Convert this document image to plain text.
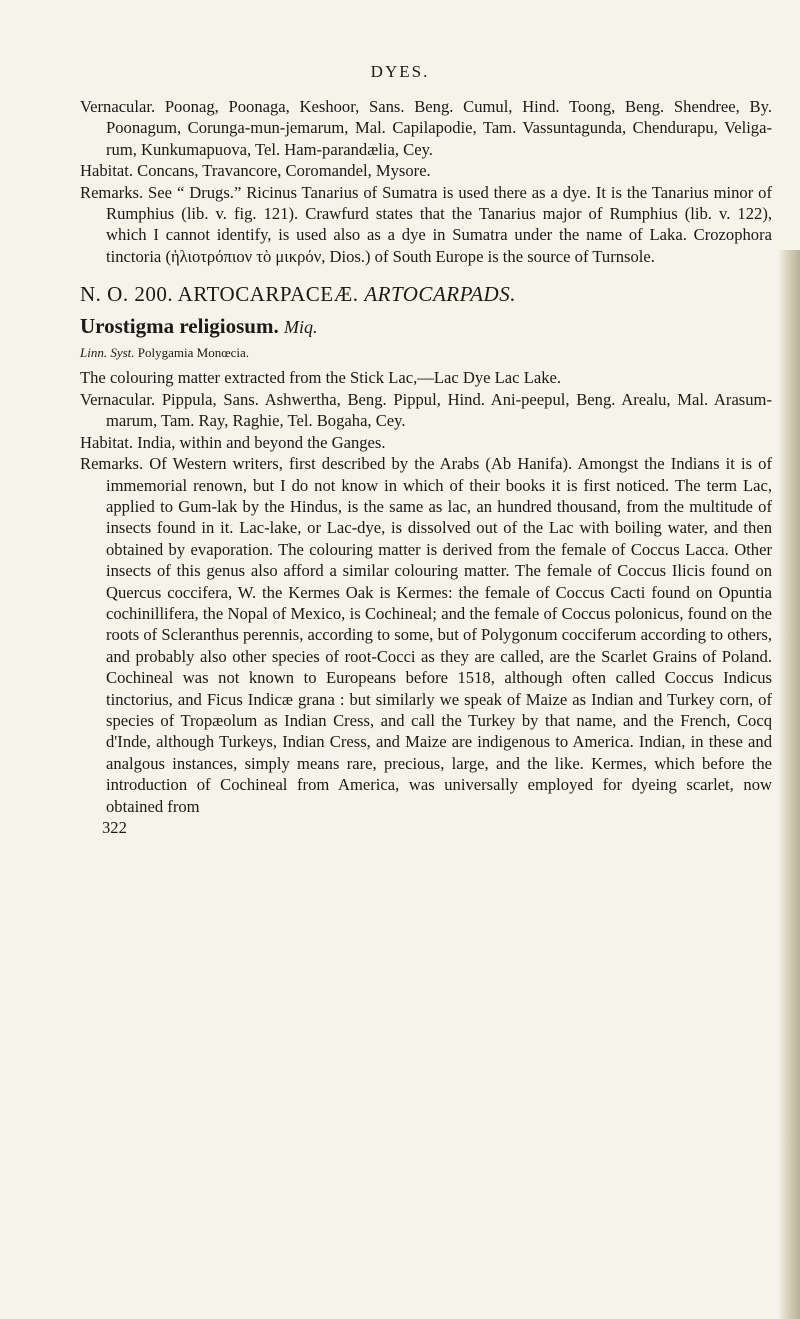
DYES.

Vernacular. Poonag, Poonaga, Keshoor, Sans. Beng. Cumul, Hind. Toong, Beng. Shendree, By. Poonagum, Corunga-mun-jemarum, Mal. Capilapodie, Tam. Vassuntagunda, Chendurapu, Veliga-rum, Kunkumapuova, Tel. Ham-parandælia, Cey.

Habitat. Concans, Travancore, Coromandel, Mysore.

Remarks. See “ Drugs.” Ricinus Tanarius of Sumatra is used there as a dye. It is the Tanarius minor of Rumphius (lib. v. fig. 121). Crawfurd states that the Tanarius major of Rumphius (lib. v. 122), which I cannot identify, is used also as a dye in Sumatra under the name of Laka. Crozophora tinctoria (ἡλιοτρόπιον τὸ μικρόν, Dios.) of South Europe is the source of Turnsole.

N. O. 200. ARTOCARPACEÆ. ARTOCARPADS.
Urostigma religiosum. Miq.
Linn. Syst. Polygamia Monœcia.

The colouring matter extracted from the Stick Lac,—Lac Dye Lac Lake.

Vernacular. Pippula, Sans. Ashwertha, Beng. Pippul, Hind. Ani-peepul, Beng. Arealu, Mal. Arasum-marum, Tam. Ray, Raghie, Tel. Bogaha, Cey.

Habitat. India, within and beyond the Ganges.

Remarks. Of Western writers, first described by the Arabs (Ab Hanifa). Amongst the Indians it is of immemorial renown, but I do not know in which of their books it is first noticed. The term Lac, applied to Gum-lak by the Hindus, is the same as lac, an hundred thousand, from the multitude of insects found in it. Lac-lake, or Lac-dye, is dissolved out of the Lac with boiling water, and then obtained by evaporation. The colouring matter is derived from the female of Coccus Lacca. Other insects of this genus also afford a similar colouring matter. The female of Coccus Ilicis found on Quercus coccifera, W. the Kermes Oak is Kermes: the female of Coccus Cacti found on Opuntia cochinillifera, the Nopal of Mexico, is Cochineal; and the female of Coccus polonicus, found on the roots of Scleranthus perennis, according to some, but of Polygonum cocciferum according to others, and probably also other species of root-Cocci as they are called, are the Scarlet Grains of Poland. Cochineal was not known to Europeans before 1518, although often called Coccus Indicus tinctorius, and Ficus Indicæ grana : but similarly we speak of Maize as Indian and Turkey corn, of species of Tropæolum as Indian Cress, and call the Turkey by that name, and the French, Cocq d'Inde, although Turkeys, Indian Cress, and Maize are indigenous to America. Indian, in these and analgous instances, simply means rare, precious, large, and the like. Kermes, which before the introduction of Cochineal from America, was universally employed for dyeing scarlet, now obtained from

322
